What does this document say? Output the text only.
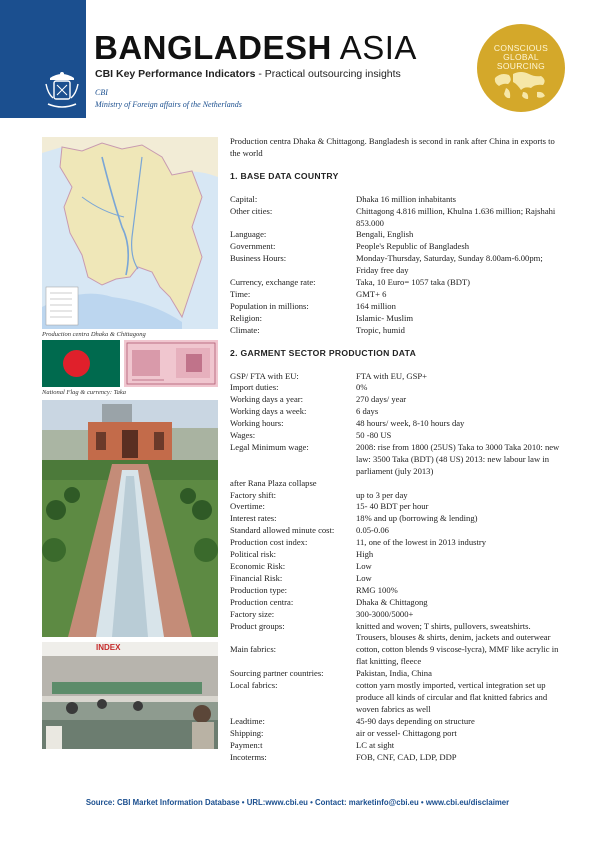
BANGLADESH ASIA
CBI Key Performance Indicators - Practical outsourcing insights
CBI
Ministry of Foreign affairs of the Netherlands
CONSCIOUS
GLOBAL
SOURCING
Production centra Dhaka & Chittagong
National Flag & currency: Taka
INDEX
Production centra Dhaka & Chittagong. Bangladesh is second in rank after China in exports to the world
1. BASE DATA COUNTRY
Capital:	Dhaka 16 million inhabitants
Other cities:	Chittagong 4.816 million, Khulna 1.636 million; Rajshahi 853.000
Language:	Bengali, English
Government:	People's Republic of Bangladesh
Business Hours:	Monday-Thursday, Saturday, Sunday 8.00am-6.00pm; Friday free day
Currency, exchange rate:	Taka, 10 Euro= 1057 taka (BDT)
Time:	GMT+ 6
Population in millions:	164 million
Religion:	Islamic- Muslim
Climate:	Tropic, humid
2. GARMENT SECTOR PRODUCTION DATA
GSP/ FTA with EU:	FTA with EU, GSP+
Import duties:	0%
Working days a year:	270 days/ year
Working days a week:	6 days
Working hours:	48 hours/ week, 8-10 hours day
Wages:	50 -80 US
Legal Minimum wage:	2008: rise from 1800 (25US) Taka to 3000 Taka 2010: new law: 3500 Taka (BDT) (48 US) 2013: new labour law in parliament (july 2013)
after Rana Plaza collapse
Factory shift:	up to 3 per day
Overtime:	15- 40 BDT per hour
Interest rates:	18% and up (borrowing & lending)
Standard allowed minute cost:	0.05-0.06
Production cost index:	11, one of the lowest in 2013 industry
Political risk:	High
Economic Risk:	Low
Financial Risk:	Low
Production type:	RMG 100%
Production centra:	Dhaka & Chittagong
Factory size:	300-3000/5000+
Product groups:	knitted and woven; T shirts, pullovers, sweatshirts. Trousers, blouses & shirts, denim, jackets and outerwear
Main fabrics:	cotton, cotton blends 9 viscose-lycra), MMF like acrylic in flat knitting, fleece
Sourcing partner countries:	Pakistan, India, China
Local fabrics:	cotton yarn mostly imported, vertical integration set up produce all kinds of circular and flat knitted fabrics and woven fabrics as well
Leadtime:	45-90 days depending on structure
Shipping:	air or vessel- Chittagong port
Paymen:t	LC at sight
Incoterms:	FOB, CNF, CAD, LDP, DDP
Source: CBI Market Information Database • URL:www.cbi.eu • Contact: marketinfo@cbi.eu • www.cbi.eu/disclaimer
